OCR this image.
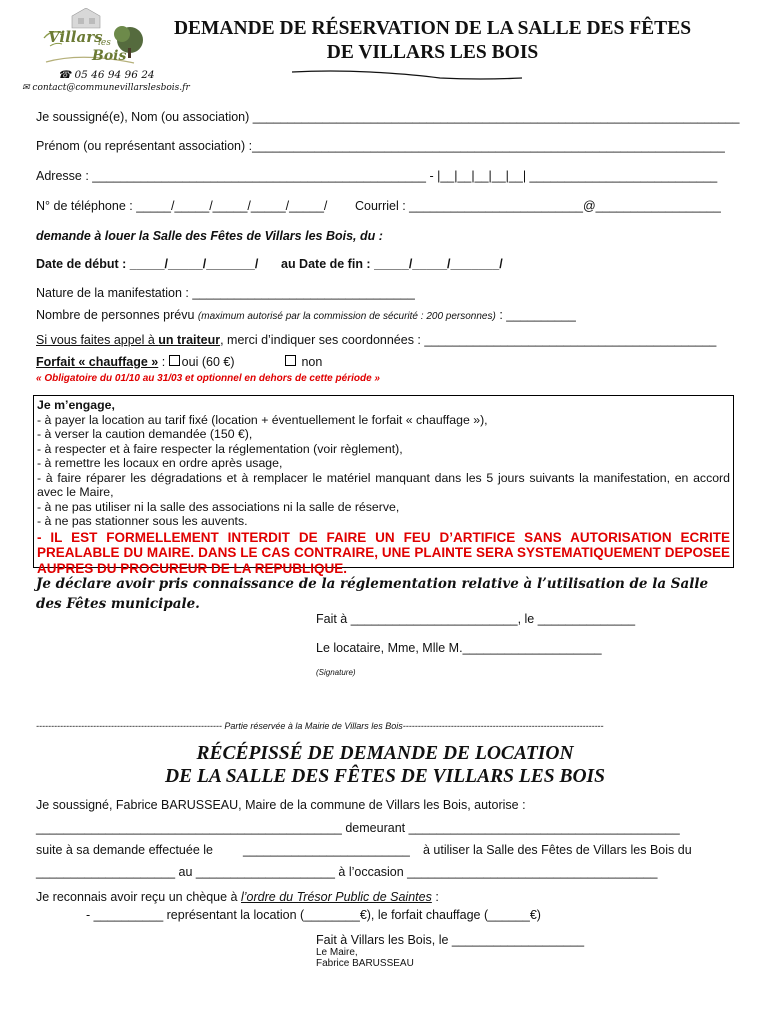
Villars
les
Bois
DEMANDE DE RÉSERVATION DE LA SALLE DES FÊTES
DE VILLARS LES BOIS
☎ 05 46 94 96 24
✉ contact@communevillarslesbois.fr
Je soussigné(e), Nom (ou association) ______________________________________________________________________
Prénom (ou représentant association) :____________________________________________________________________
Adresse : ________________________________________________ - |__|__|__|__|__| ___________________________
N° de téléphone : _____/_____/_____/_____/_____/ Courriel : _________________________@__________________
demande à louer la Salle des Fêtes de Villars les Bois, du :
Date de début : _____/_____/_______/ au Date de fin : _____/_____/_______/
Nature de la manifestation : ________________________________
Nombre de personnes prévu (maximum autorisé par la commission de sécurité : 200 personnes) : __________
Si vous faites appel à un traiteur, merci d’indiquer ses coordonnées : __________________________________________
Forfait « chauffage » : oui (60 €)	non
« Obligatoire du 01/10 au 31/03 et optionnel en dehors de cette période »
Je m’engage,
- à payer la location au tarif fixé (location + éventuellement le forfait « chauffage »),
- à verser la caution demandée (150 €),
- à respecter et à faire respecter la réglementation (voir règlement),
- à remettre les locaux en ordre après usage,
- à faire réparer les dégradations et à remplacer le matériel manquant dans les 5 jours suivants la manifestation, en accord avec le Maire,
- à ne pas utiliser ni la salle des associations ni la salle de réserve,
- à ne pas stationner sous les auvents.
- IL EST FORMELLEMENT INTERDIT DE FAIRE UN FEU D’ARTIFICE SANS AUTORISATION ECRITE PREALABLE DU MAIRE. DANS LE CAS CONTRAIRE, UNE PLAINTE SERA SYSTEMATIQUEMENT DEPOSEE AUPRES DU PROCUREUR DE LA REPUBLIQUE.
Je déclare avoir pris connaissance de la réglementation relative à l’utilisation de la Salle des Fêtes municipale.
Fait à ________________________, le ______________
Le locataire, Mme, Mlle M.____________________
(Signature)
-------------------------------------------------------------- Partie réservée à la Mairie de Villars les Bois-------------------------------------------------------------------
RÉCÉPISSÉ DE DEMANDE DE LOCATION
DE LA SALLE DES FÊTES DE VILLARS LES BOIS
Je soussigné, Fabrice BARUSSEAU, Maire de la commune de Villars les Bois, autorise :
____________________________________________ demeurant _______________________________________
suite à sa demande effectuée le ________________________ à utiliser la Salle des Fêtes de Villars les Bois du
____________________ au ____________________ à l’occasion ____________________________________
Je reconnais avoir reçu un chèque à l’ordre du Trésor Public de Saintes :
- __________ représentant la location (________€), le forfait chauffage (______€)
Fait à Villars les Bois, le ___________________
Le Maire,
Fabrice BARUSSEAU
